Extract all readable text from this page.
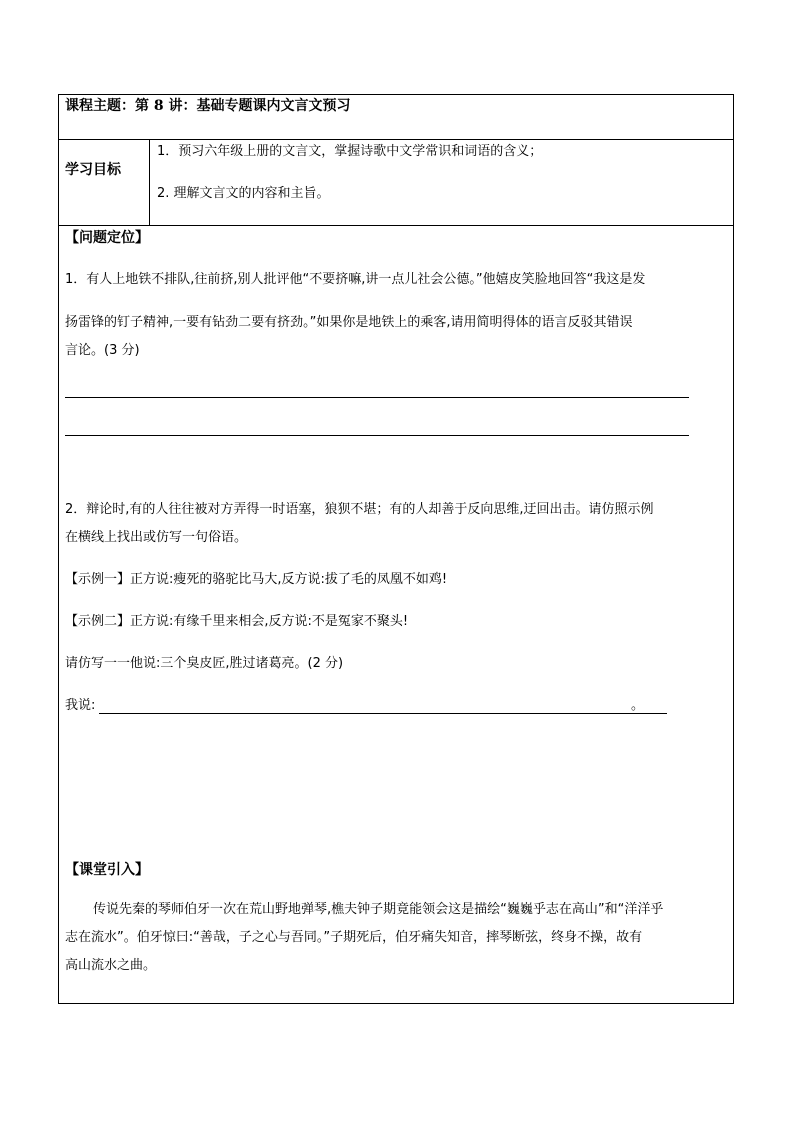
课程主题：第 8 讲：基础专题课内文言文预习
学习目标
1．预习六年级上册的文言文，掌握诗歌中文学常识和词语的含义；
2. 理解文言文的内容和主旨。
【问题定位】
1．有人上地铁不排队,往前挤,别人批评他“不要挤嘛,讲一点儿社会公德。”他嬉皮笑脸地回答“我这是发
扬雷锋的钉子精神,一要有钻劲二要有挤劲。”如果你是地铁上的乘客,请用简明得体的语言反驳其错误
言论。(3 分)
2．辩论时,有的人往往被对方弄得一时语塞，狼狈不堪；有的人却善于反向思维,迂回出击。请仿照示例
在横线上找出或仿写一句俗语。
【示例一】正方说:瘦死的骆驼比马大,反方说:拔了毛的凤凰不如鸡!
【示例二】正方说:有缘千里来相会,反方说:不是冤家不聚头!
请仿写一一他说:三个臭皮匠,胜过诸葛亮。(2 分)
我说:	。
【课堂引入】
传说先秦的琴师伯牙一次在荒山野地弹琴,樵夫钟子期竟能领会这是描绘“巍巍乎志在高山”和“洋洋乎
志在流水”。伯牙惊曰:“善哉，子之心与吾同。”子期死后，伯牙痛失知音，摔琴断弦，终身不操，故有
高山流水之曲。
